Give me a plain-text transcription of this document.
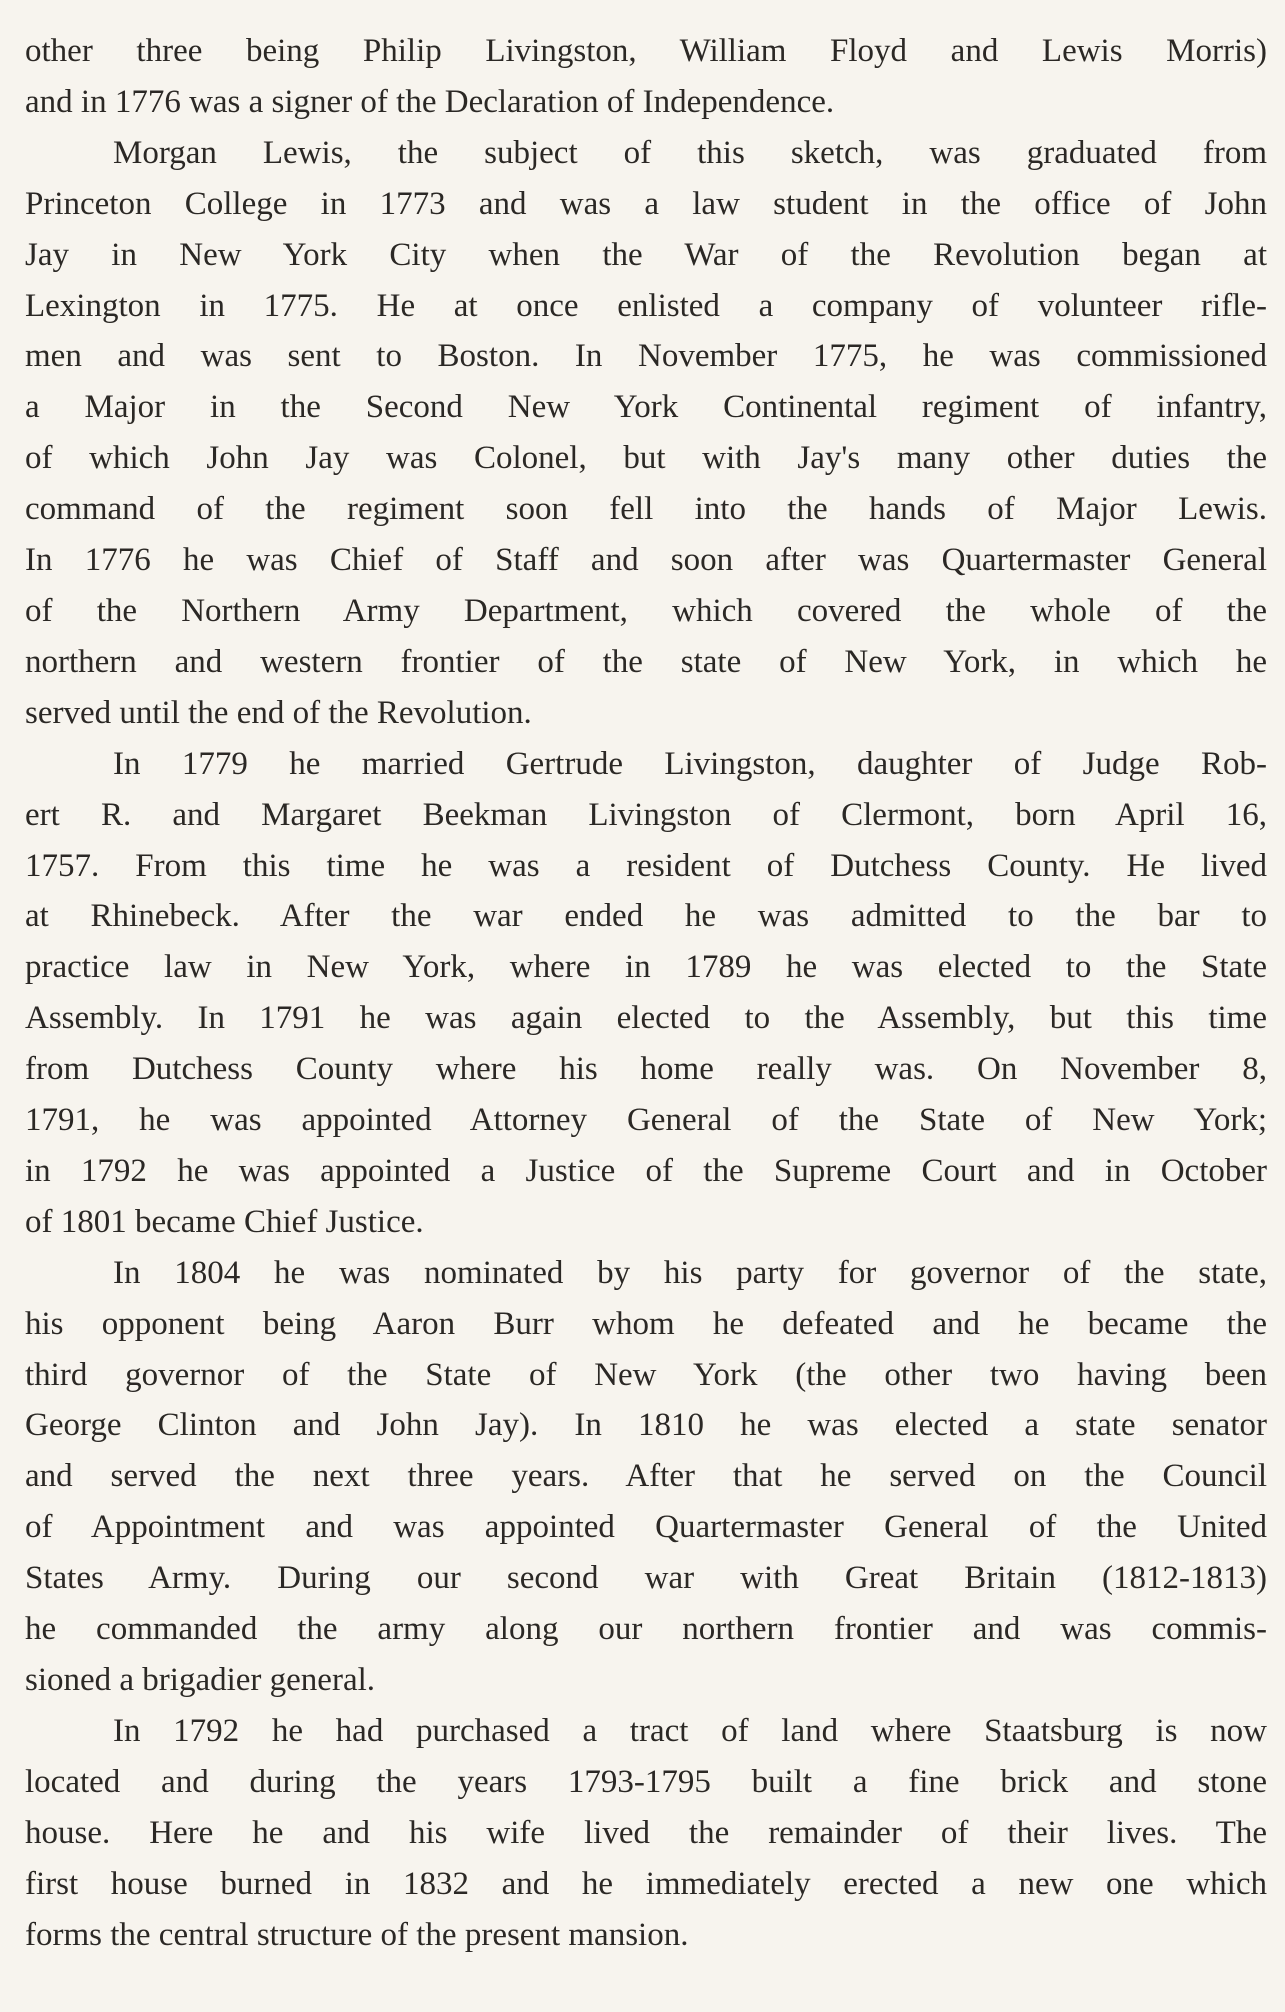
other three being Philip Livingston, William Floyd and Lewis Morris)
and in 1776 was a signer of the Declaration of Independence.

Morgan Lewis, the subject of this sketch, was graduated from
Princeton College in 1773 and was a law student in the office of John
Jay in New York City when the War of the Revolution began at
Lexington in 1775. He at once enlisted a company of volunteer rifle-
men and was sent to Boston. In November 1775, he was commissioned
a Major in the Second New York Continental regiment of infantry,
of which John Jay was Colonel, but with Jay's many other duties the
command of the regiment soon fell into the hands of Major Lewis.
In 1776 he was Chief of Staff and soon after was Quartermaster General
of the Northern Army Department, which covered the whole of the
northern and western frontier of the state of New York, in which he
served until the end of the Revolution.

In 1779 he married Gertrude Livingston, daughter of Judge Rob-
ert R. and Margaret Beekman Livingston of Clermont, born April 16,
1757. From this time he was a resident of Dutchess County. He lived
at Rhinebeck. After the war ended he was admitted to the bar to
practice law in New York, where in 1789 he was elected to the State
Assembly. In 1791 he was again elected to the Assembly, but this time
from Dutchess County where his home really was. On November 8,
1791, he was appointed Attorney General of the State of New York;
in 1792 he was appointed a Justice of the Supreme Court and in October
of 1801 became Chief Justice.

In 1804 he was nominated by his party for governor of the state,
his opponent being Aaron Burr whom he defeated and he became the
third governor of the State of New York (the other two having been
George Clinton and John Jay). In 1810 he was elected a state senator
and served the next three years. After that he served on the Council
of Appointment and was appointed Quartermaster General of the United
States Army. During our second war with Great Britain (1812-1813)
he commanded the army along our northern frontier and was commis-
sioned a brigadier general.

In 1792 he had purchased a tract of land where Staatsburg is now
located and during the years 1793-1795 built a fine brick and stone
house. Here he and his wife lived the remainder of their lives. The
first house burned in 1832 and he immediately erected a new one which
forms the central structure of the present mansion.
